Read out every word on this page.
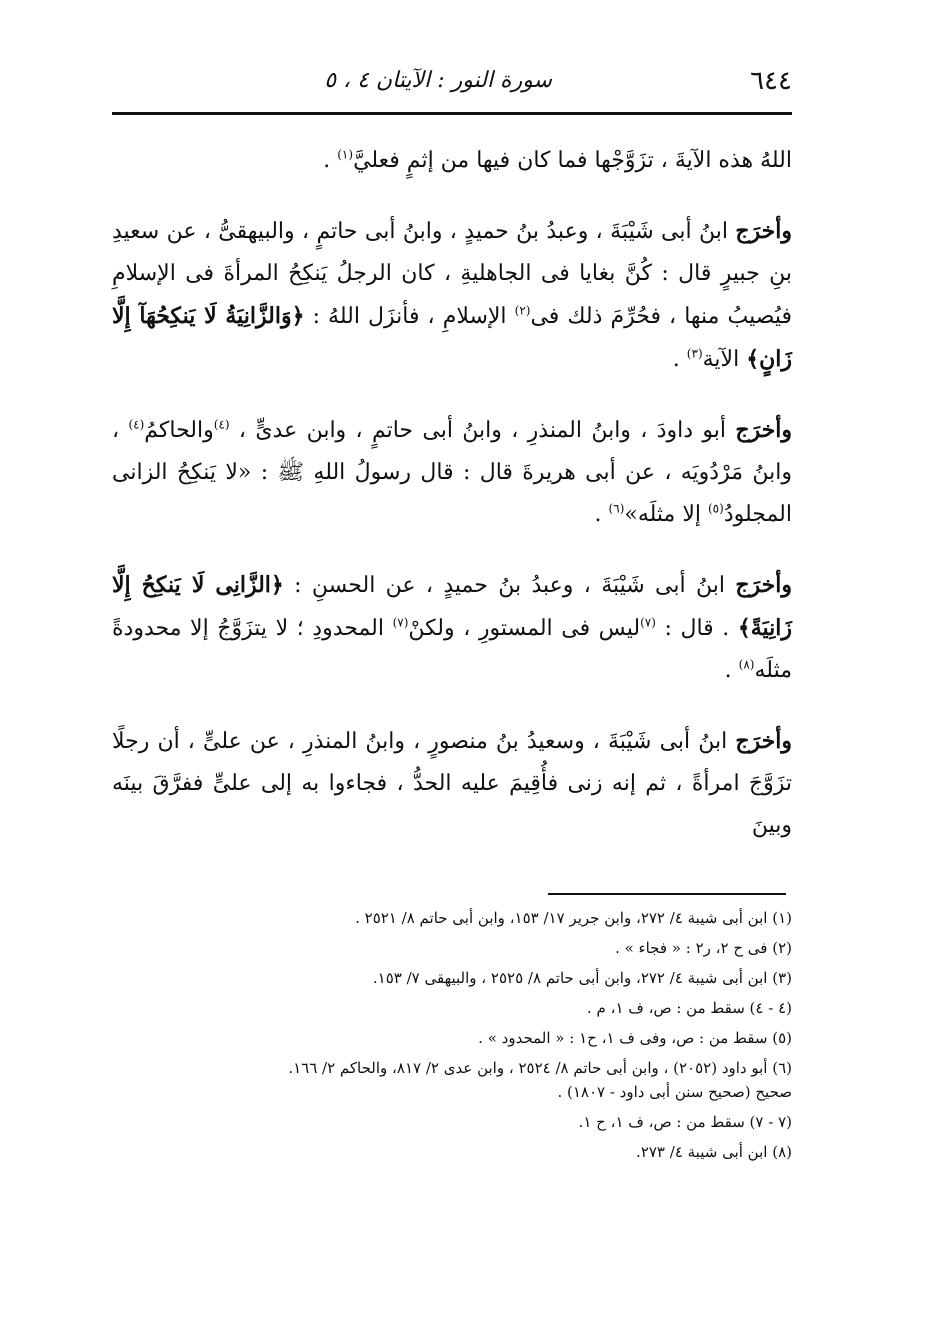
٦٤٤
سورة النور : الآيتان ٤ ، ٥

اللهُ هذه الآيةَ ، تزَوَّجْها فما كان فيها من إثمٍ فعليَّ$^{(١)}$ .

وأخرَج ابنُ أبى شَيْبَةَ ، وعبدُ بنُ حميدٍ ، وابنُ أبى حاتمٍ ، والبيهقىُّ ، عن سعيدِ بنِ جبيرٍ قال : كُنَّ بغايا فى الجاهليةِ ، كان الرجلُ يَنكِحُ المرأةَ فى الإسلامِ فيُصيبُ منها ، فحُرِّمَ ذلك فى$^{(٢)}$ الإسلامِ ، فأنزَل اللهُ : ﴿وَالزَّانِيَةُ لَا يَنكِحُهَآ إِلَّا زَانٍ﴾ الآية$^{(٣)}$ .

وأخرَج أبو داودَ ، وابنُ المنذرِ ، وابنُ أبى حاتمٍ ، وابن عدىٍّ ، $^{(٤)}$والحاكمُ$^{(٤)}$ ، وابنُ مَرْدُويَه ، عن أبى هريرةَ قال : قال رسولُ اللهِ ﷺ : «لا يَنكِحُ الزانى المجلودُ$^{(٥)}$ إلا مثلَه»$^{(٦)}$ .

وأخرَج ابنُ أبى شَيْبَةَ ، وعبدُ بنُ حميدٍ ، عن الحسنِ : ﴿الزَّانِى لَا يَنكِحُ إِلَّا زَانِيَةً﴾ . قال : $^{(٧)}$ليس فى المستورِ ، ولكنْ$^{(٧)}$ المحدودِ ؛ لا يتزَوَّجُ إلا محدودةً مثلَه$^{(٨)}$ .

وأخرَج ابنُ أبى شَيْبَةَ ، وسعيدُ بنُ منصورٍ ، وابنُ المنذرِ ، عن علىٍّ ، أن رجلًا تزَوَّجَ امرأةً ، ثم إنه زنى فأُقِيمَ عليه الحدُّ ، فجاءوا به إلى علىٍّ ففرَّقَ بينَه وبينَ

(١) ابن أبى شيبة ٤/ ٢٧٢، وابن جرير ١٧/ ١٥٣، وابن أبى حاتم ٨/ ٢٥٢١ .

(٢) فى ح ٢، ر٢ : « فجاء » .

(٣) ابن أبى شيبة ٤/ ٢٧٢، وابن أبى حاتم ٨/ ٢٥٢٥ ، والبيهقى ٧/ ١٥٣.

(٤ - ٤) سقط من : ص، ف ١، م .

(٥) سقط من : ص، وفى ف ١، ح١ : « المحدود » .

(٦) أبو داود (٢٠٥٢) ، وابن أبى حاتم ٨/ ٢٥٢٤ ، وابن عدى ٢/ ٨١٧، والحاكم ٢/ ١٦٦.

صحيح (صحيح سنن أبى داود - ١٨٠٧) .

(٧ - ٧) سقط من : ص، ف ١، ح ١.

(٨) ابن أبى شيبة ٤/ ٢٧٣.
